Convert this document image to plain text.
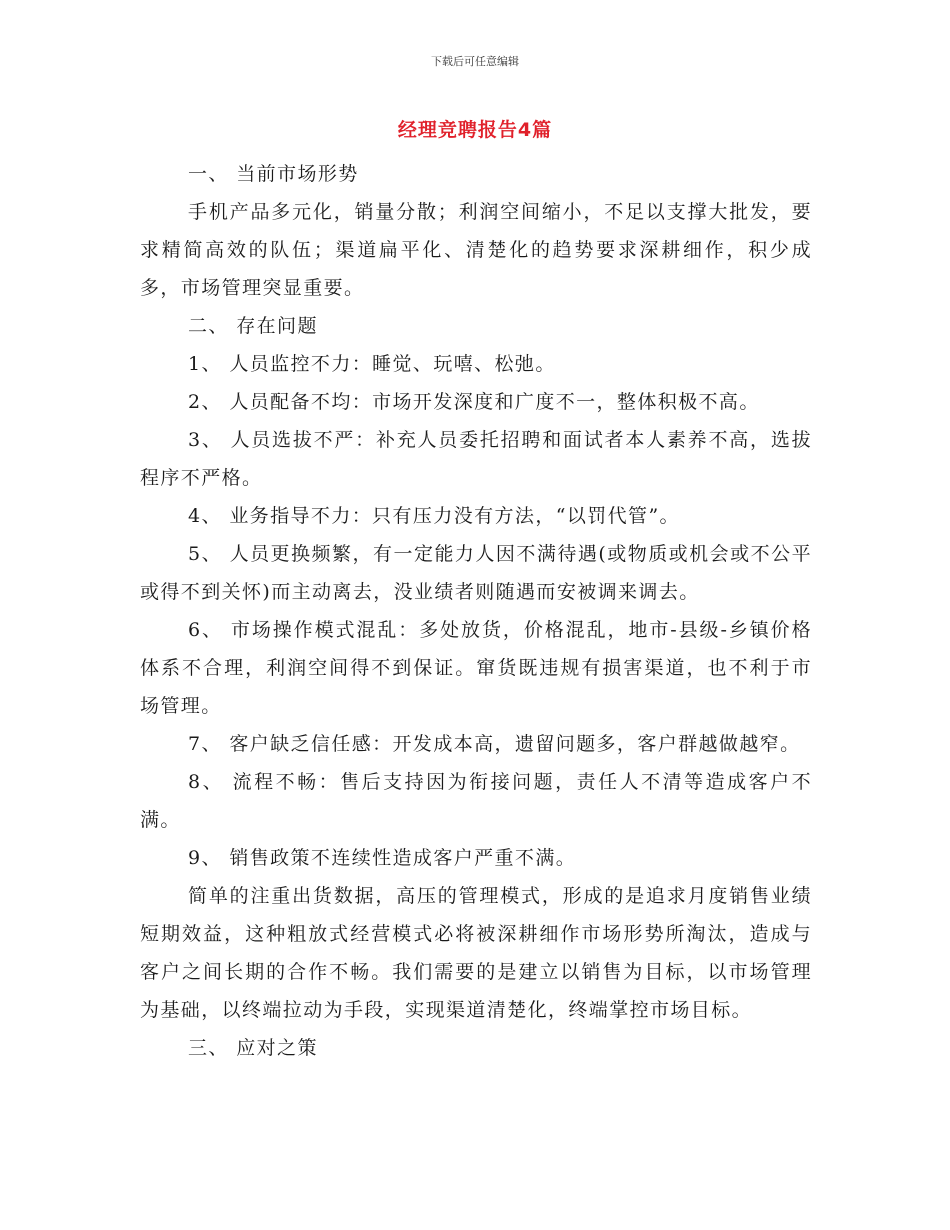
下载后可任意编辑
经理竞聘报告4篇

一、 当前市场形势

手机产品多元化，销量分散；利润空间缩小，不足以支撑大批发，要求精简高效的队伍；渠道扁平化、清楚化的趋势要求深耕细作，积少成多，市场管理突显重要。

二、 存在问题

1、 人员监控不力：睡觉、玩嘻、松弛。

2、 人员配备不均：市场开发深度和广度不一，整体积极不高。

3、 人员选拔不严：补充人员委托招聘和面试者本人素养不高，选拔程序不严格。

4、 业务指导不力：只有压力没有方法，“以罚代管”。

5、 人员更换频繁，有一定能力人因不满待遇(或物质或机会或不公平或得不到关怀)而主动离去，没业绩者则随遇而安被调来调去。

6、 市场操作模式混乱：多处放货，价格混乱，地市-县级-乡镇价格体系不合理，利润空间得不到保证。窜货既违规有损害渠道，也不利于市场管理。

7、 客户缺乏信任感：开发成本高，遗留问题多，客户群越做越窄。

8、 流程不畅：售后支持因为衔接问题，责任人不清等造成客户不满。

9、 销售政策不连续性造成客户严重不满。

简单的注重出货数据，高压的管理模式，形成的是追求月度销售业绩短期效益，这种粗放式经营模式必将被深耕细作市场形势所淘汰，造成与客户之间长期的合作不畅。我们需要的是建立以销售为目标，以市场管理为基础，以终端拉动为手段，实现渠道清楚化，终端掌控市场目标。

三、 应对之策
